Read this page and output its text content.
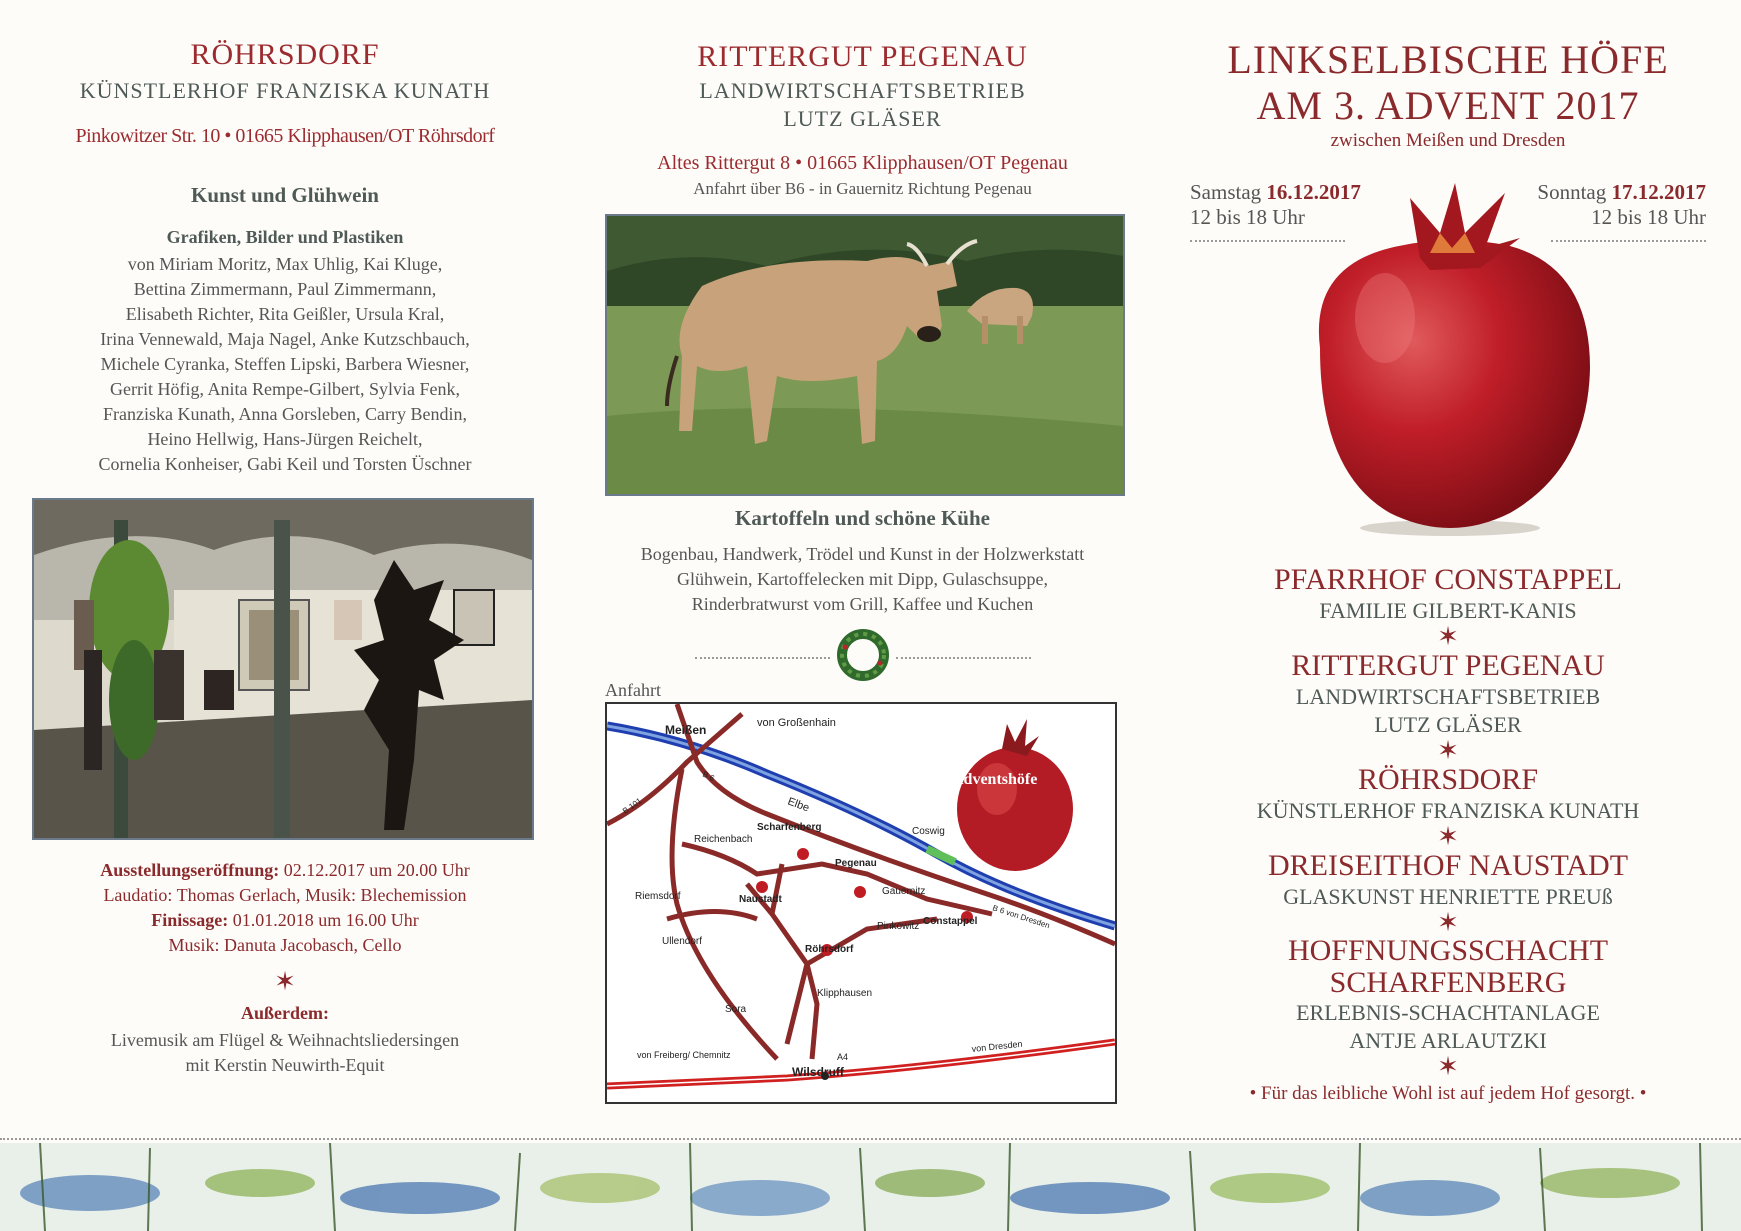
RÖHRSDORF
KÜNSTLERHOF FRANZISKA KUNATH
Pinkowitzer Str. 10 • 01665 Klipphausen/OT Röhrsdorf
Kunst und Glühwein
Grafiken, Bilder und Plastiken
von Miriam Moritz, Max Uhlig, Kai Kluge,
Bettina Zimmermann, Paul Zimmermann,
Elisabeth Richter, Rita Geißler, Ursula Kral,
Irina Vennewald, Maja Nagel, Anke Kutzschbauch,
Michele Cyranka, Steffen Lipski, Barbera Wiesner,
Gerrit Höfig, Anita Rempe-Gilbert, Sylvia Fenk,
Franziska Kunath, Anna Gorsleben, Carry Bendin,
Heino Hellwig, Hans-Jürgen Reichelt,
Cornelia Konheiser, Gabi Keil und Torsten Üschner
Ausstellungseröffnung: 02.12.2017 um 20.00 Uhr
Laudatio: Thomas Gerlach, Musik: Blechemission
Finissage: 01.01.2018 um 16.00 Uhr
Musik: Danuta Jacobasch, Cello
✶
Außerdem:
Livemusik am Flügel & Weihnachtsliedersingen
mit Kerstin Neuwirth-Equit
RITTERGUT PEGENAU
LANDWIRTSCHAFTSBETRIEB
LUTZ GLÄSER
Altes Rittergut 8 • 01665 Klipphausen/OT Pegenau
Anfahrt über B6 - in Gauernitz Richtung Pegenau
Kartoffeln und schöne Kühe
Bogenbau, Handwerk, Trödel und Kunst in der Holzwerkstatt
Glühwein, Kartoffelecken mit Dipp, Gulaschsuppe,
Rinderbratwurst vom Grill, Kaffee und Kuchen
Anfahrt
Meißen	von Großenhain
Elbe
Coswig
Reichenbach
Scharfenberg
Pegenau
Riemsdorf	Naustadt
Gauernitz
Ullendorf
Pinkowitz Constappel
Röhrsdorf
Klipphausen
Sora
Wilsdruff
von Freiberg/ Chemnitz
von Dresden
A4
B 6 von Dresden
B 101
B 6	Adventshöfe
LINKSELBISCHE HÖFE
AM 3. ADVENT 2017
zwischen Meißen und Dresden
Samstag 16.12.2017
12 bis 18 Uhr
Sonntag 17.12.2017
12 bis 18 Uhr
PFARRHOF CONSTAPPEL
FAMILIE GILBERT-KANIS
✶
RITTERGUT PEGENAU
LANDWIRTSCHAFTSBETRIEB
LUTZ GLÄSER
✶
RÖHRSDORF
KÜNSTLERHOF FRANZISKA KUNATH
✶
DREISEITHOF NAUSTADT
GLASKUNST HENRIETTE PREUß
✶
HOFFNUNGSSCHACHT
SCHARFENBERG
ERLEBNIS-SCHACHTANLAGE
ANTJE ARLAUTZKI
✶
• Für das leibliche Wohl ist auf jedem Hof gesorgt. •
